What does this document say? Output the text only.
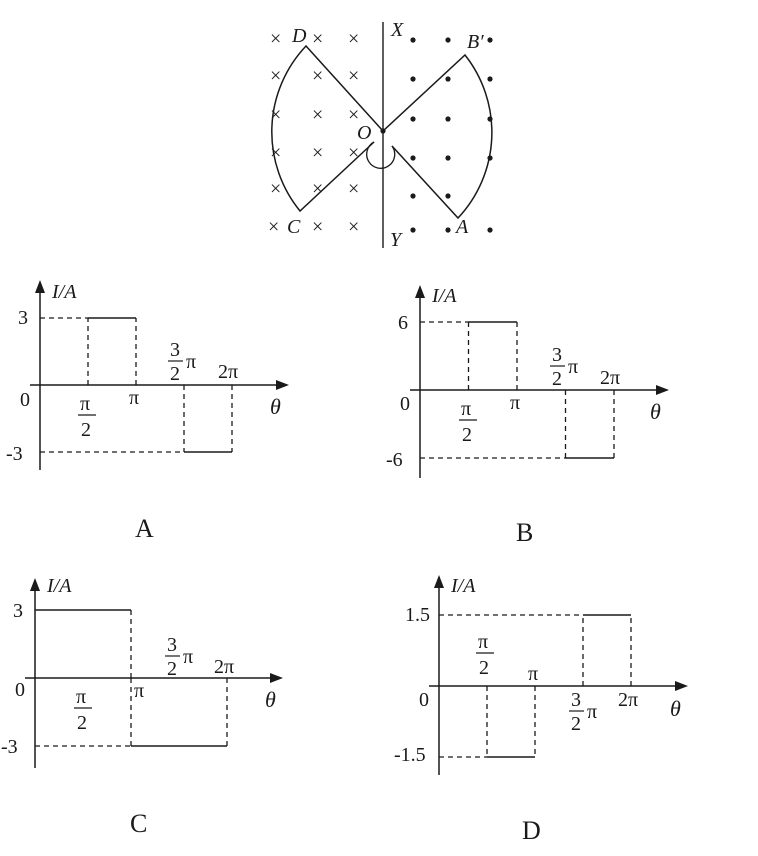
X
Y
× × ×
× × ×
× × ×
× × ×
× × ×
× × ×
O
D
C
B′
A
I/A
θ
0
3
-3
π
2
π
3
2
π 2π
A
I/A
θ
0
6
-6
π
2
π
3
2
π 2π
B
I/A
θ
0
3
-3
π
2
π
3
2
π 2π
C
I/A
θ
0
1.5
-1.5
π
2 π
3
2
π
2π
D
